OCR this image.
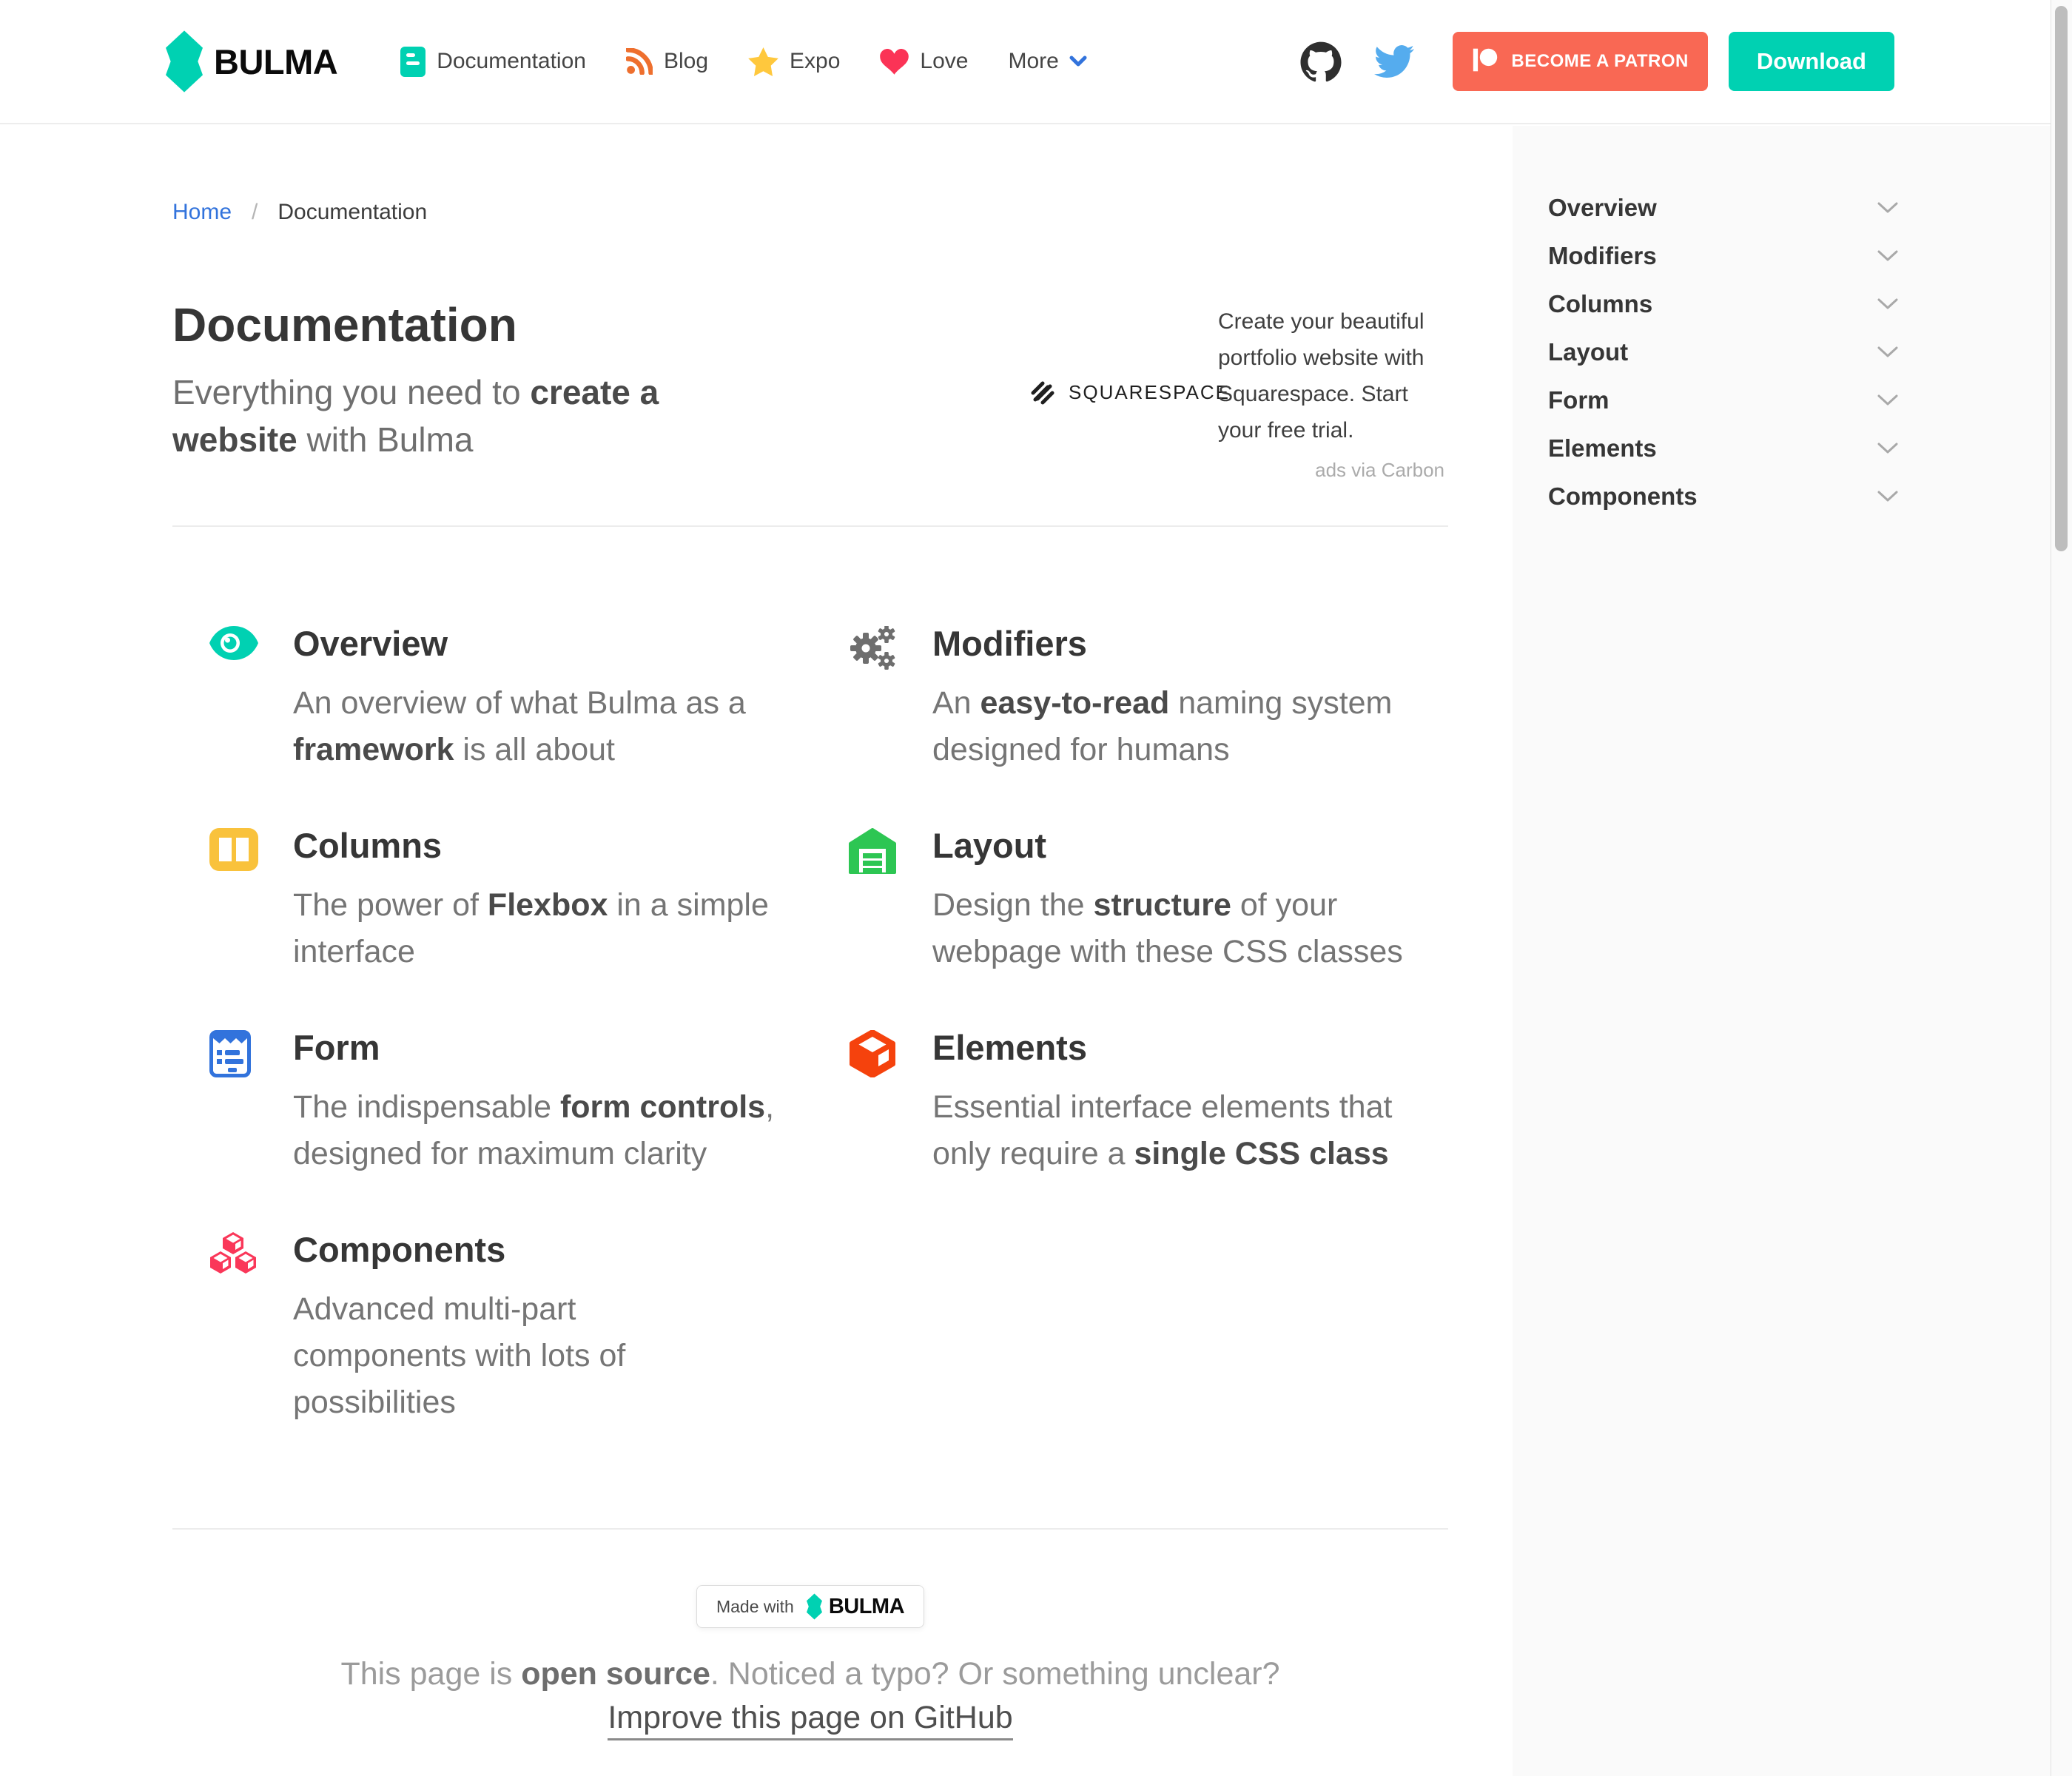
BULMA	Documentation	Blog	Expo	Love More	BECOME A PATRON	Download
Overview
Modifiers
Columns
Layout
Form
Elements
Components
Home / Documentation
Documentation
Everything you need to create a website with Bulma
SQUARESPACE

Create your beautiful portfolio website with Squarespace. Start your free trial.

ads via Carbon
Overview

An overview of what Bulma as a framework is all about

Modifiers

An easy-to-read naming system designed for humans

Columns

The power of Flexbox in a simple interface

Layout

Design the structure of your webpage with these CSS classes

Form

The indispensable form controls, designed for maximum clarity

Elements

Essential interface elements that only require a single CSS class

Components

Advanced multi-part components with lots of possibilities

Made with BULMA
This page is open source. Noticed a typo? Or something unclear?
Improve this page on GitHub
